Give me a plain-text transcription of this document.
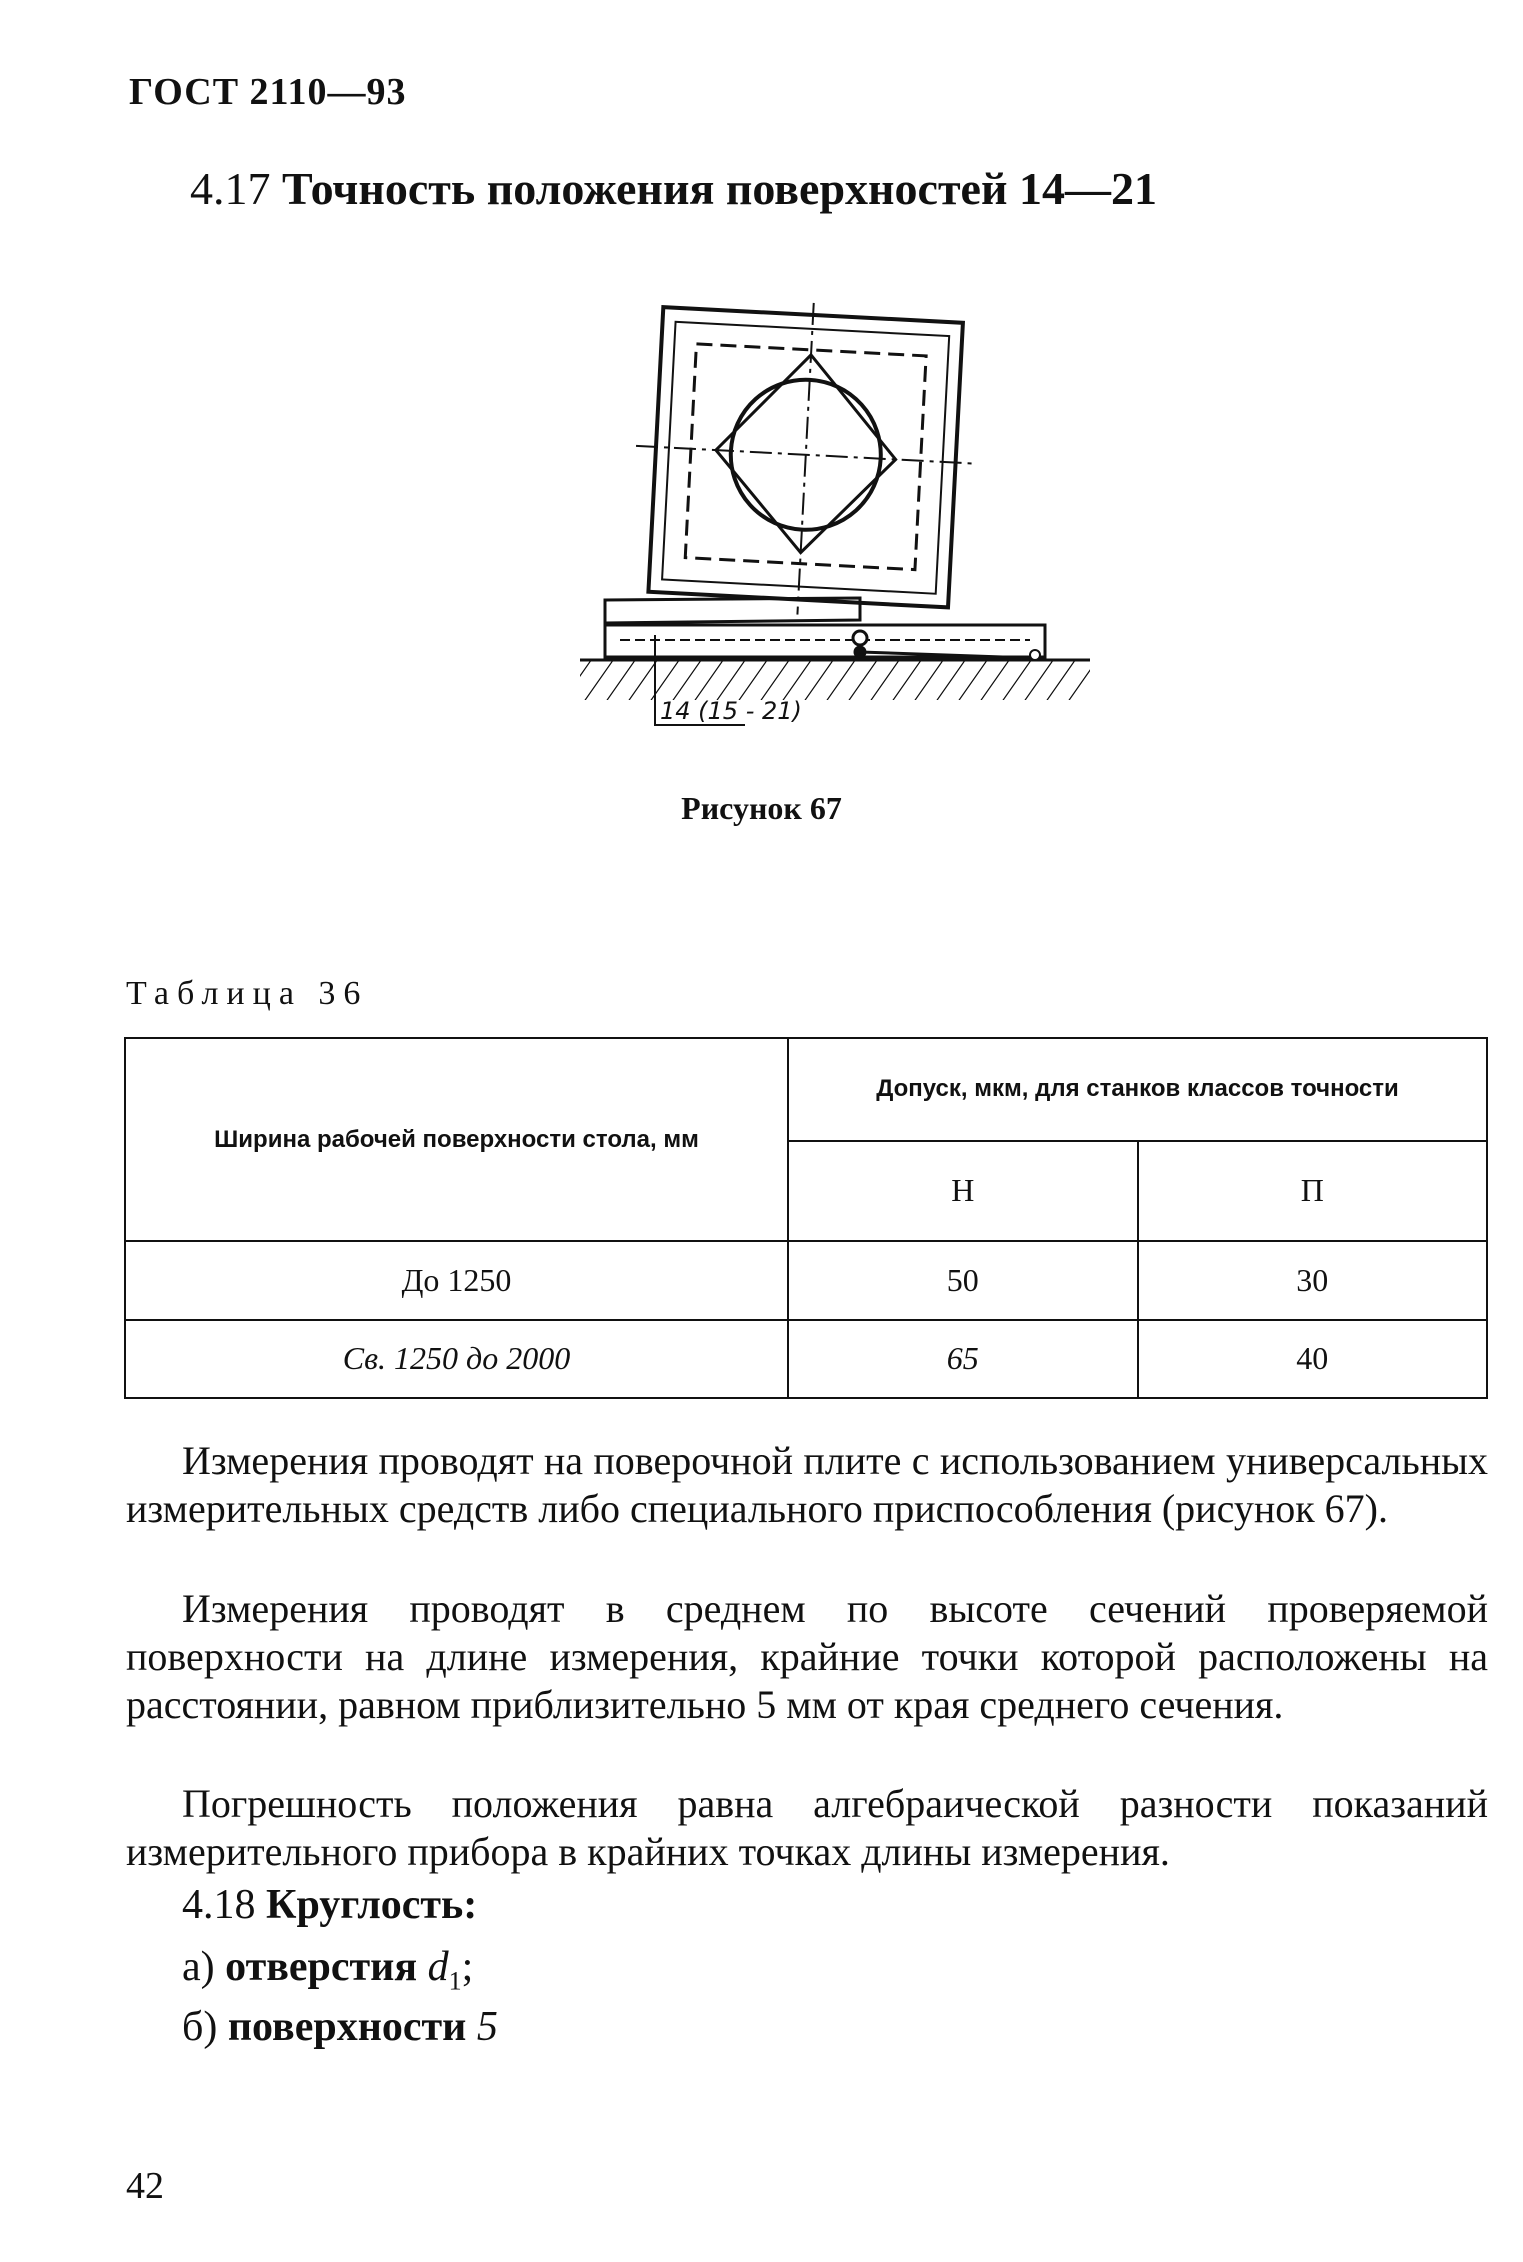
ГОСТ 2110—93
4.17 Точность положения поверхностей 14—21
14 (15 - 21)
Рисунок 67
Таблица 36
Ширина рабочей поверхности стола, мм	Допуск, мкм, для станков классов точности	
	Н	П
До 1250	50	30
Св. 1250 до 2000	65	40
Измерения проводят на поверочной плите с использованием универсальных измерительных средств либо специального приспособления (рисунок 67).
Измерения проводят в среднем по высоте сечений проверяемой поверхности на длине измерения, крайние точки которой расположены на расстоянии, равном приблизительно 5 мм от края среднего сечения.
Погрешность положения равна алгебраической разности показаний измерительного прибора в крайних точках длины измерения.
4.18 Круглость:
а) отверстия $d_1$;
б) поверхности 5
42
